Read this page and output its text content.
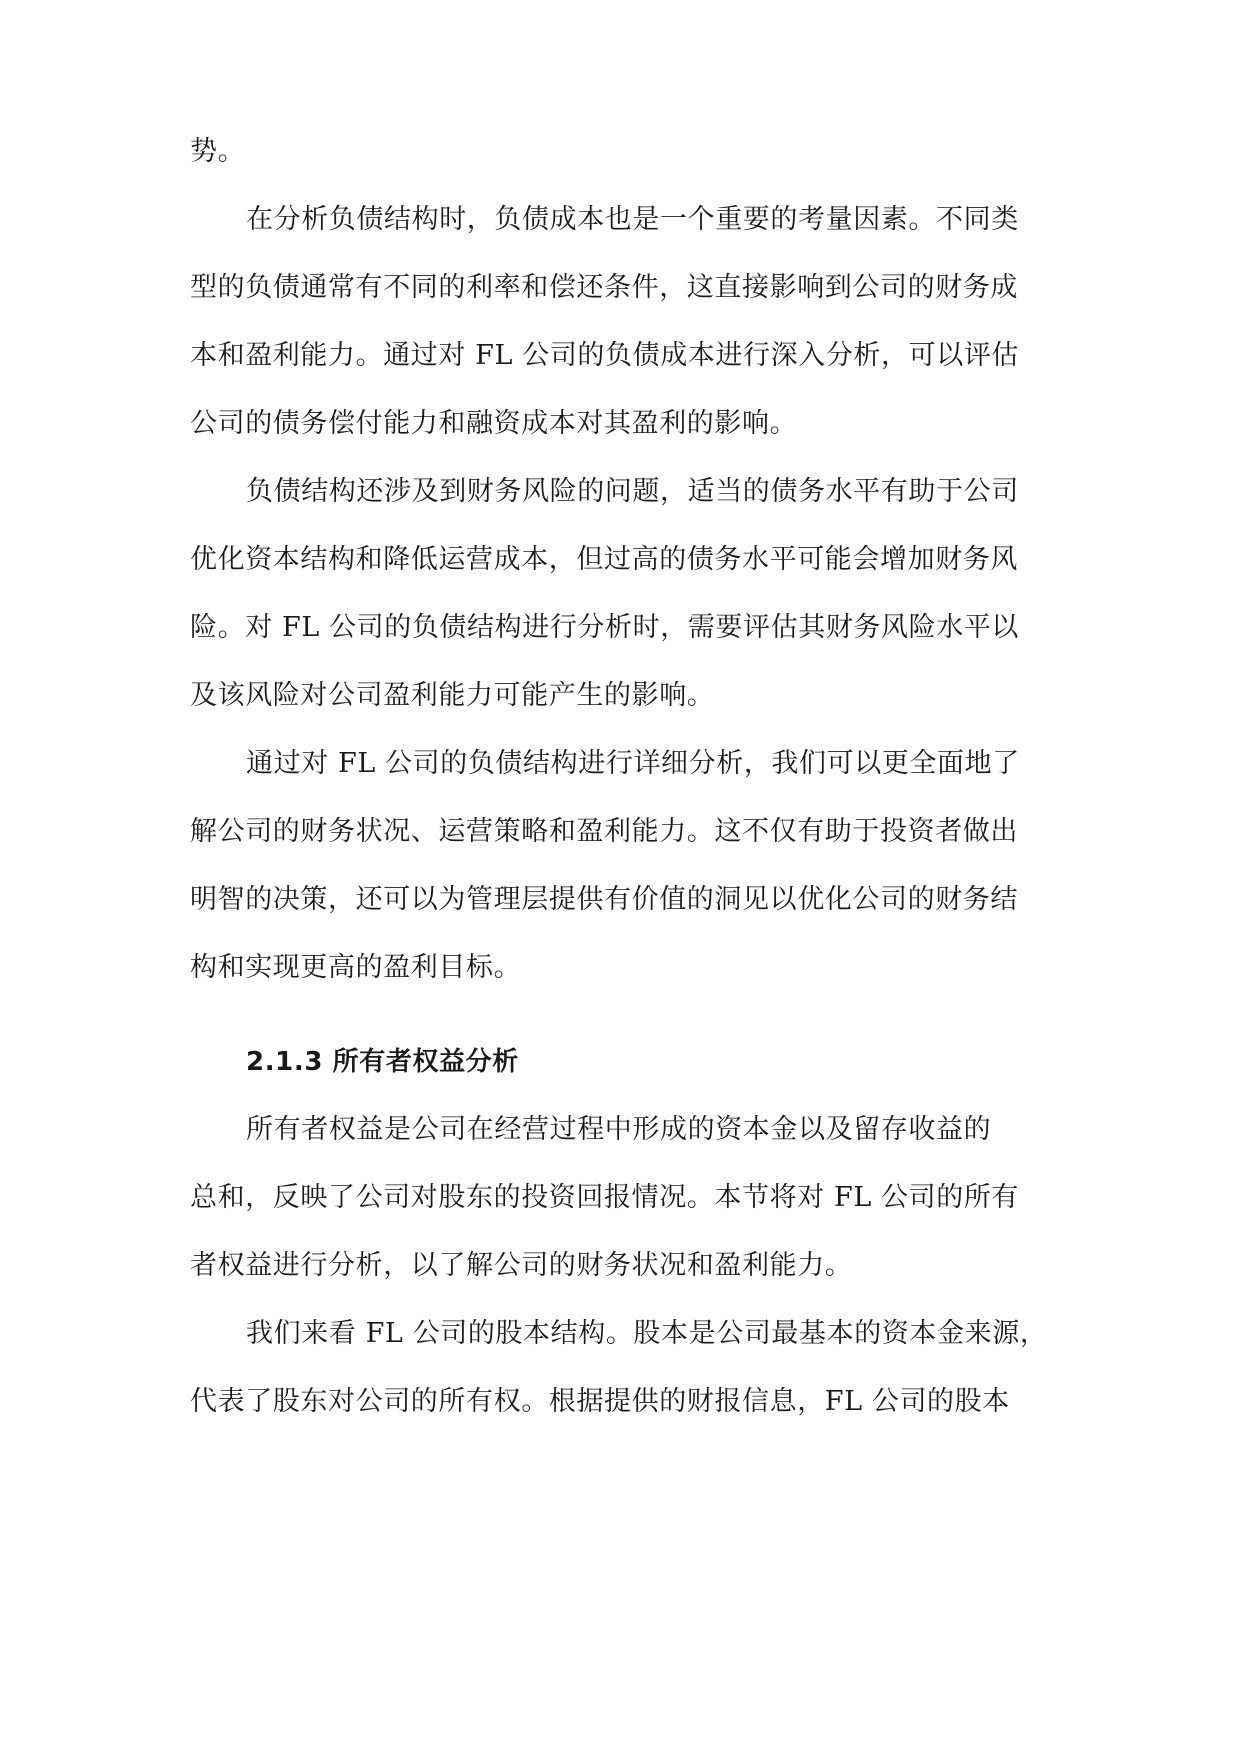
势。
在分析负债结构时，负债成本也是一个重要的考量因素。不同类
型的负债通常有不同的利率和偿还条件，这直接影响到公司的财务成
本和盈利能力。通过对 FL 公司的负债成本进行深入分析，可以评估
公司的债务偿付能力和融资成本对其盈利的影响。
负债结构还涉及到财务风险的问题，适当的债务水平有助于公司
优化资本结构和降低运营成本，但过高的债务水平可能会增加财务风
险。对 FL 公司的负债结构进行分析时，需要评估其财务风险水平以
及该风险对公司盈利能力可能产生的影响。
通过对 FL 公司的负债结构进行详细分析，我们可以更全面地了
解公司的财务状况、运营策略和盈利能力。这不仅有助于投资者做出
明智的决策，还可以为管理层提供有价值的洞见以优化公司的财务结
构和实现更高的盈利目标。
2.1.3 所有者权益分析
所有者权益是公司在经营过程中形成的资本金以及留存收益的
总和，反映了公司对股东的投资回报情况。本节将对 FL 公司的所有
者权益进行分析，以了解公司的财务状况和盈利能力。
我们来看 FL 公司的股本结构。股本是公司最基本的资本金来源，
代表了股东对公司的所有权。根据提供的财报信息，FL 公司的股本
